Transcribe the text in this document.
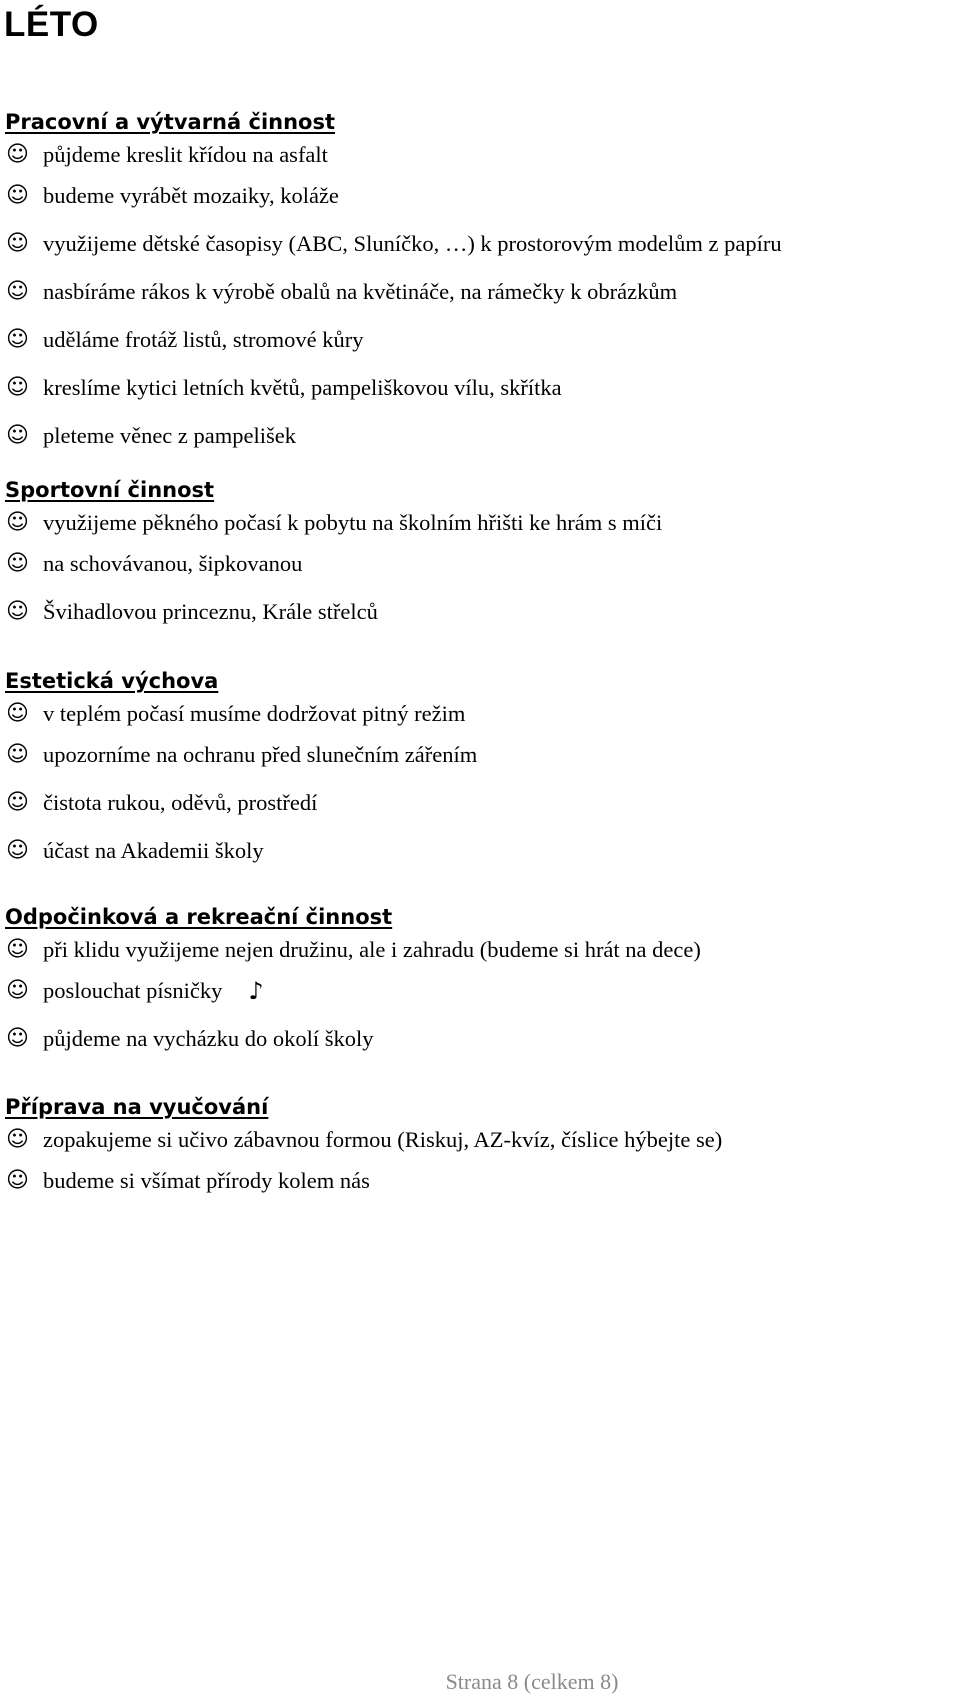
LÉTO
Pracovní a výtvarná činnost
☺ půjdeme kreslit křídou na asfalt
☺ budeme vyrábět mozaiky, koláže
☺ využijeme dětské časopisy (ABC, Sluníčko, …) k prostorovým modelům z papíru
☺ nasbíráme rákos k výrobě obalů na květináče, na rámečky k obrázkům
☺ uděláme frotáž listů, stromové kůry
☺ kreslíme kytici letních květů, pampeliškovou vílu, skřítka
☺ pleteme věnec z pampelišek
Sportovní činnost
☺ využijeme pěkného počasí k pobytu na školním hřišti ke hrám s míči
☺ na schovávanou, šipkovanou
☺ Švihadlovou princeznu, Krále střelců
Estetická výchova
☺ v teplém počasí musíme dodržovat pitný režim
☺ upozorníme na ochranu před slunečním zářením
☺ čistota rukou, oděvů, prostředí
☺ účast na Akademii školy
Odpočinková a rekreační činnost
☺ při klidu využijeme nejen družinu, ale i zahradu (budeme si hrát na dece)
☺ poslouchat písničky ♪
☺ půjdeme na vycházku do okolí školy
Příprava na vyučování
☺ zopakujeme si učivo zábavnou formou (Riskuj, AZ-kvíz, číslice hýbejte se)
☺ budeme si všímat přírody kolem nás
Strana 8 (celkem 8)
